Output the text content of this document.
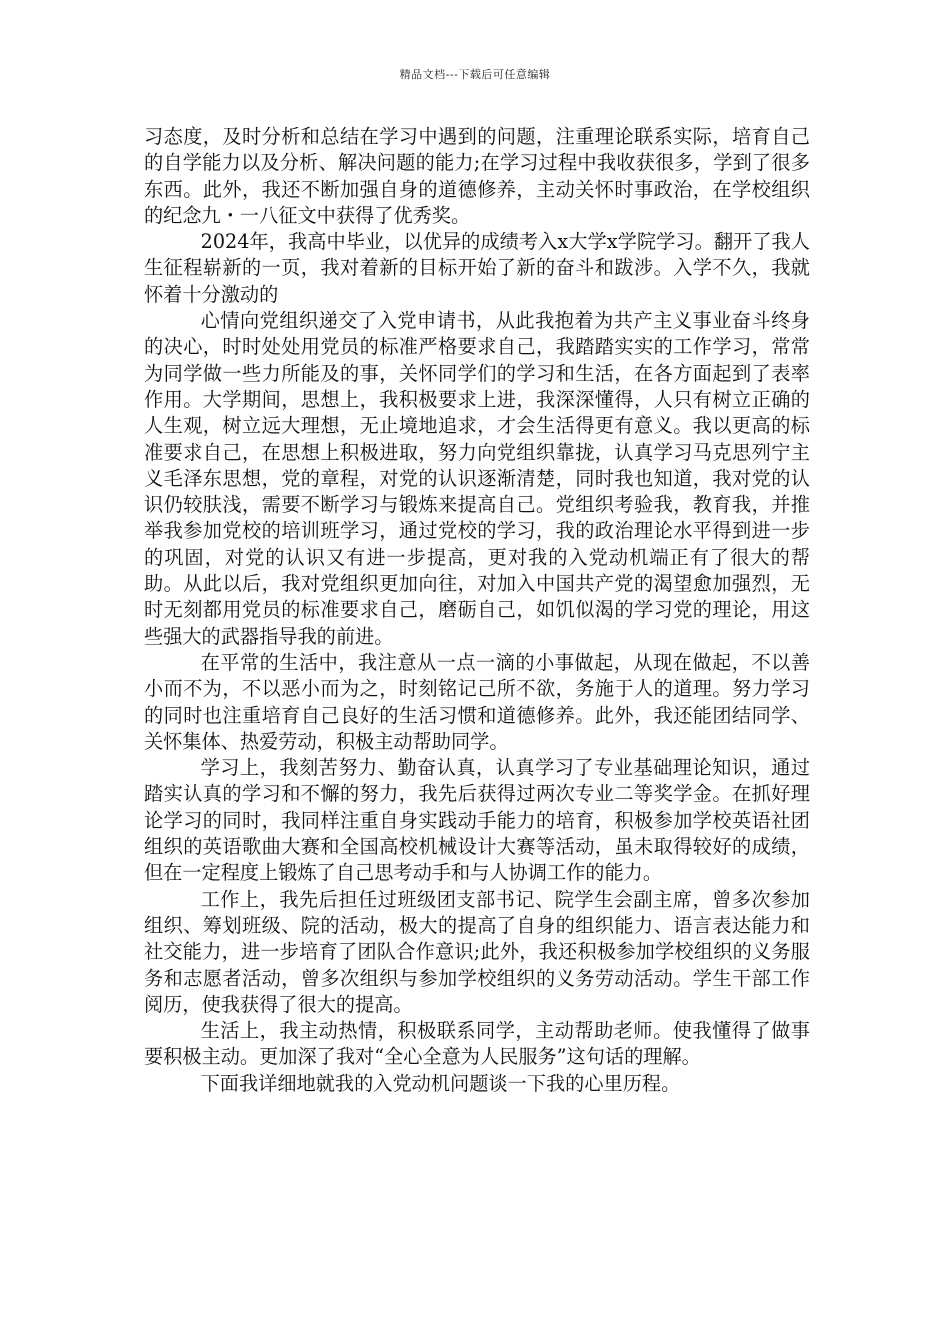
精品文档---下载后可任意编辑

习态度，及时分析和总结在学习中遇到的问题，注重理论联系实际，培育自己的自学能力以及分析、解决问题的能力;在学习过程中我收获很多，学到了很多东西。此外，我还不断加强自身的道德修养，主动关怀时事政治，在学校组织的纪念九・一八征文中获得了优秀奖。

2024年，我高中毕业，以优异的成绩考入x大学x学院学习。翻开了我人生征程崭新的一页，我对着新的目标开始了新的奋斗和跋涉。入学不久，我就怀着十分激动的

心情向党组织递交了入党申请书，从此我抱着为共产主义事业奋斗终身的决心，时时处处用党员的标准严格要求自己，我踏踏实实的工作学习，常常为同学做一些力所能及的事，关怀同学们的学习和生活，在各方面起到了表率作用。大学期间，思想上，我积极要求上进，我深深懂得，人只有树立正确的人生观，树立远大理想，无止境地追求，才会生活得更有意义。我以更高的标准要求自己，在思想上积极进取，努力向党组织靠拢，认真学习马克思列宁主义毛泽东思想，党的章程，对党的认识逐渐清楚，同时我也知道，我对党的认识仍较肤浅，需要不断学习与锻炼来提高自己。党组织考验我，教育我，并推举我参加党校的培训班学习，通过党校的学习，我的政治理论水平得到进一步的巩固，对党的认识又有进一步提高，更对我的入党动机端正有了很大的帮助。从此以后，我对党组织更加向往，对加入中国共产党的渴望愈加强烈，无时无刻都用党员的标准要求自己，磨砺自己，如饥似渴的学习党的理论，用这些强大的武器指导我的前进。

在平常的生活中，我注意从一点一滴的小事做起，从现在做起，不以善小而不为，不以恶小而为之，时刻铭记己所不欲，务施于人的道理。努力学习的同时也注重培育自己良好的生活习惯和道德修养。此外，我还能团结同学、关怀集体、热爱劳动，积极主动帮助同学。

学习上，我刻苦努力、勤奋认真，认真学习了专业基础理论知识，通过踏实认真的学习和不懈的努力，我先后获得过两次专业二等奖学金。在抓好理论学习的同时，我同样注重自身实践动手能力的培育，积极参加学校英语社团组织的英语歌曲大赛和全国高校机械设计大赛等活动，虽未取得较好的成绩，但在一定程度上锻炼了自己思考动手和与人协调工作的能力。

工作上，我先后担任过班级团支部书记、院学生会副主席，曾多次参加组织、筹划班级、院的活动，极大的提高了自身的组织能力、语言表达能力和社交能力，进一步培育了团队合作意识;此外，我还积极参加学校组织的义务服务和志愿者活动，曾多次组织与参加学校组织的义务劳动活动。学生干部工作阅历，使我获得了很大的提高。

生活上，我主动热情，积极联系同学，主动帮助老师。使我懂得了做事要积极主动。更加深了我对“全心全意为人民服务”这句话的理解。

下面我详细地就我的入党动机问题谈一下我的心里历程。
